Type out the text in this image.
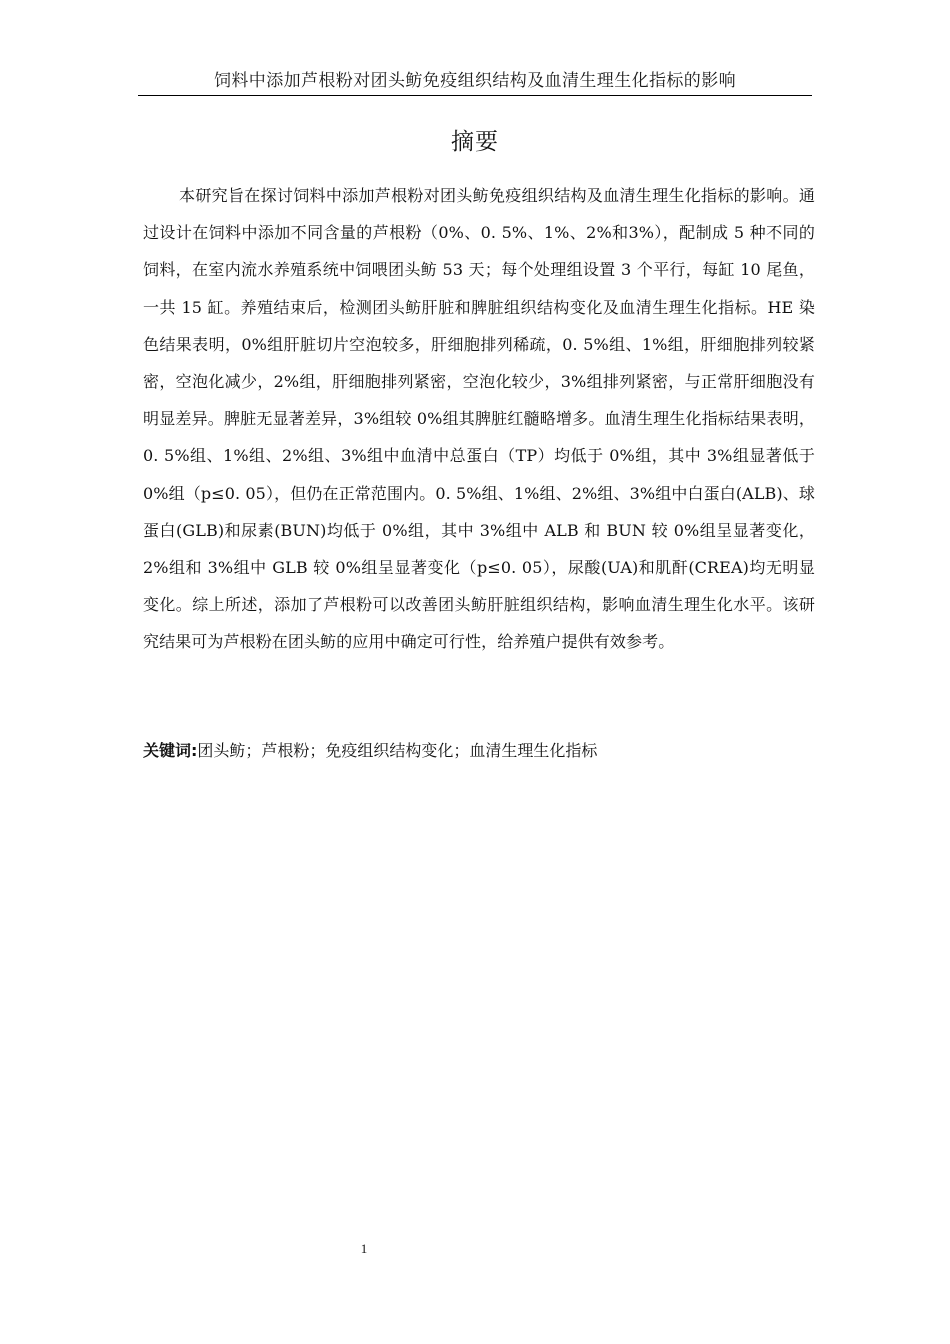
饲料中添加芦根粉对团头鲂免疫组织结构及血清生理生化指标的影响
摘要

本研究旨在探讨饲料中添加芦根粉对团头鲂免疫组织结构及血清生理生化指标的影响。通过设计在饲料中添加不同含量的芦根粉（0%、0. 5%、1%、2%和3%），配制成 5 种不同的饲料，在室内流水养殖系统中饲喂团头鲂 53 天；每个处理组设置 3 个平行，每缸 10 尾鱼，一共 15 缸。养殖结束后，检测团头鲂肝脏和脾脏组织结构变化及血清生理生化指标。HE 染色结果表明，0%组肝脏切片空泡较多，肝细胞排列稀疏，0. 5%组、1%组，肝细胞排列较紧密，空泡化减少，2%组，肝细胞排列紧密，空泡化较少，3%组排列紧密，与正常肝细胞没有明显差异。脾脏无显著差异，3%组较 0%组其脾脏红髓略增多。血清生理生化指标结果表明，0. 5%组、1%组、2%组、3%组中血清中总蛋白（TP）均低于 0%组，其中 3%组显著低于 0%组（p≤0. 05），但仍在正常范围内。0. 5%组、1%组、2%组、3%组中白蛋白(ALB)、球蛋白(GLB)和尿素(BUN)均低于 0%组，其中 3%组中 ALB 和 BUN 较 0%组呈显著变化，2%组和 3%组中 GLB 较 0%组呈显著变化（p≤0. 05），尿酸(UA)和肌酐(CREA)均无明显变化。综上所述，添加了芦根粉可以改善团头鲂肝脏组织结构，影响血清生理生化水平。该研究结果可为芦根粉在团头鲂的应用中确定可行性，给养殖户提供有效参考。

关键词:团头鲂；芦根粉；免疫组织结构变化；血清生理生化指标
1
